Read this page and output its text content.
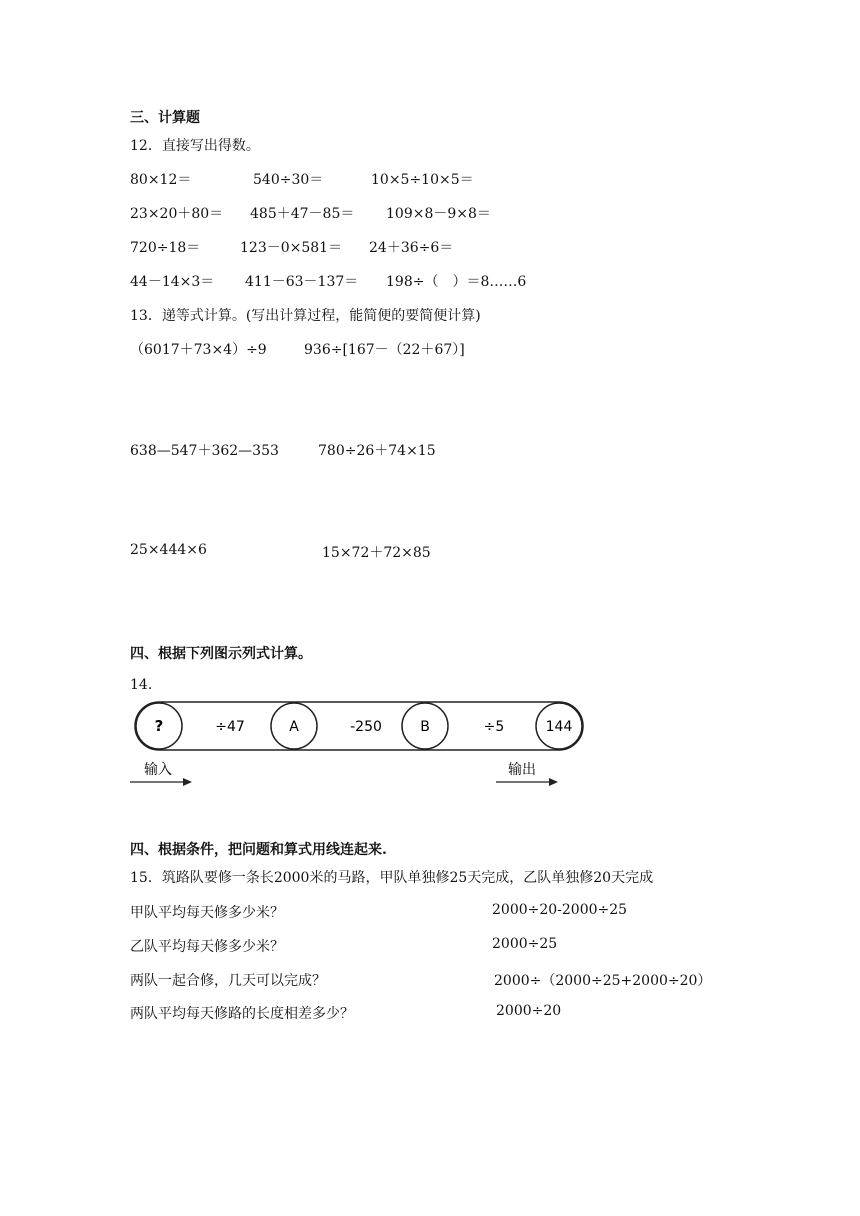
三、计算题
12．直接写出得数。
80×12＝	540÷30＝	10×5÷10×5＝
23×20＋80＝ 485＋47－85＝ 109×8－9×8＝
720÷18＝	123－0×581＝ 24＋36÷6＝
44－14×3＝ 411－63－137＝ 198÷（　）＝8……6
13．递等式计算。(写出计算过程，能简便的要简便计算)
（6017＋73×4）÷9	936÷[167－（22＋67）]
638—547＋362—353	780÷26＋74×15
25×444×6	15×72＋72×85
四、根据下列图示列式计算。
14.
?	A	B	144
÷47	-250	÷5
输入	输出
四、根据条件，把问题和算式用线连起来.
15．筑路队要修一条长2000米的马路，甲队单独修25天完成，乙队单独修20天完成
甲队平均每天修多少米？	2000÷20-2000÷25
乙队平均每天修多少米？	2000÷25
两队一起合修，几天可以完成？	2000÷（2000÷25+2000÷20）
两队平均每天修路的长度相差多少？	2000÷20
